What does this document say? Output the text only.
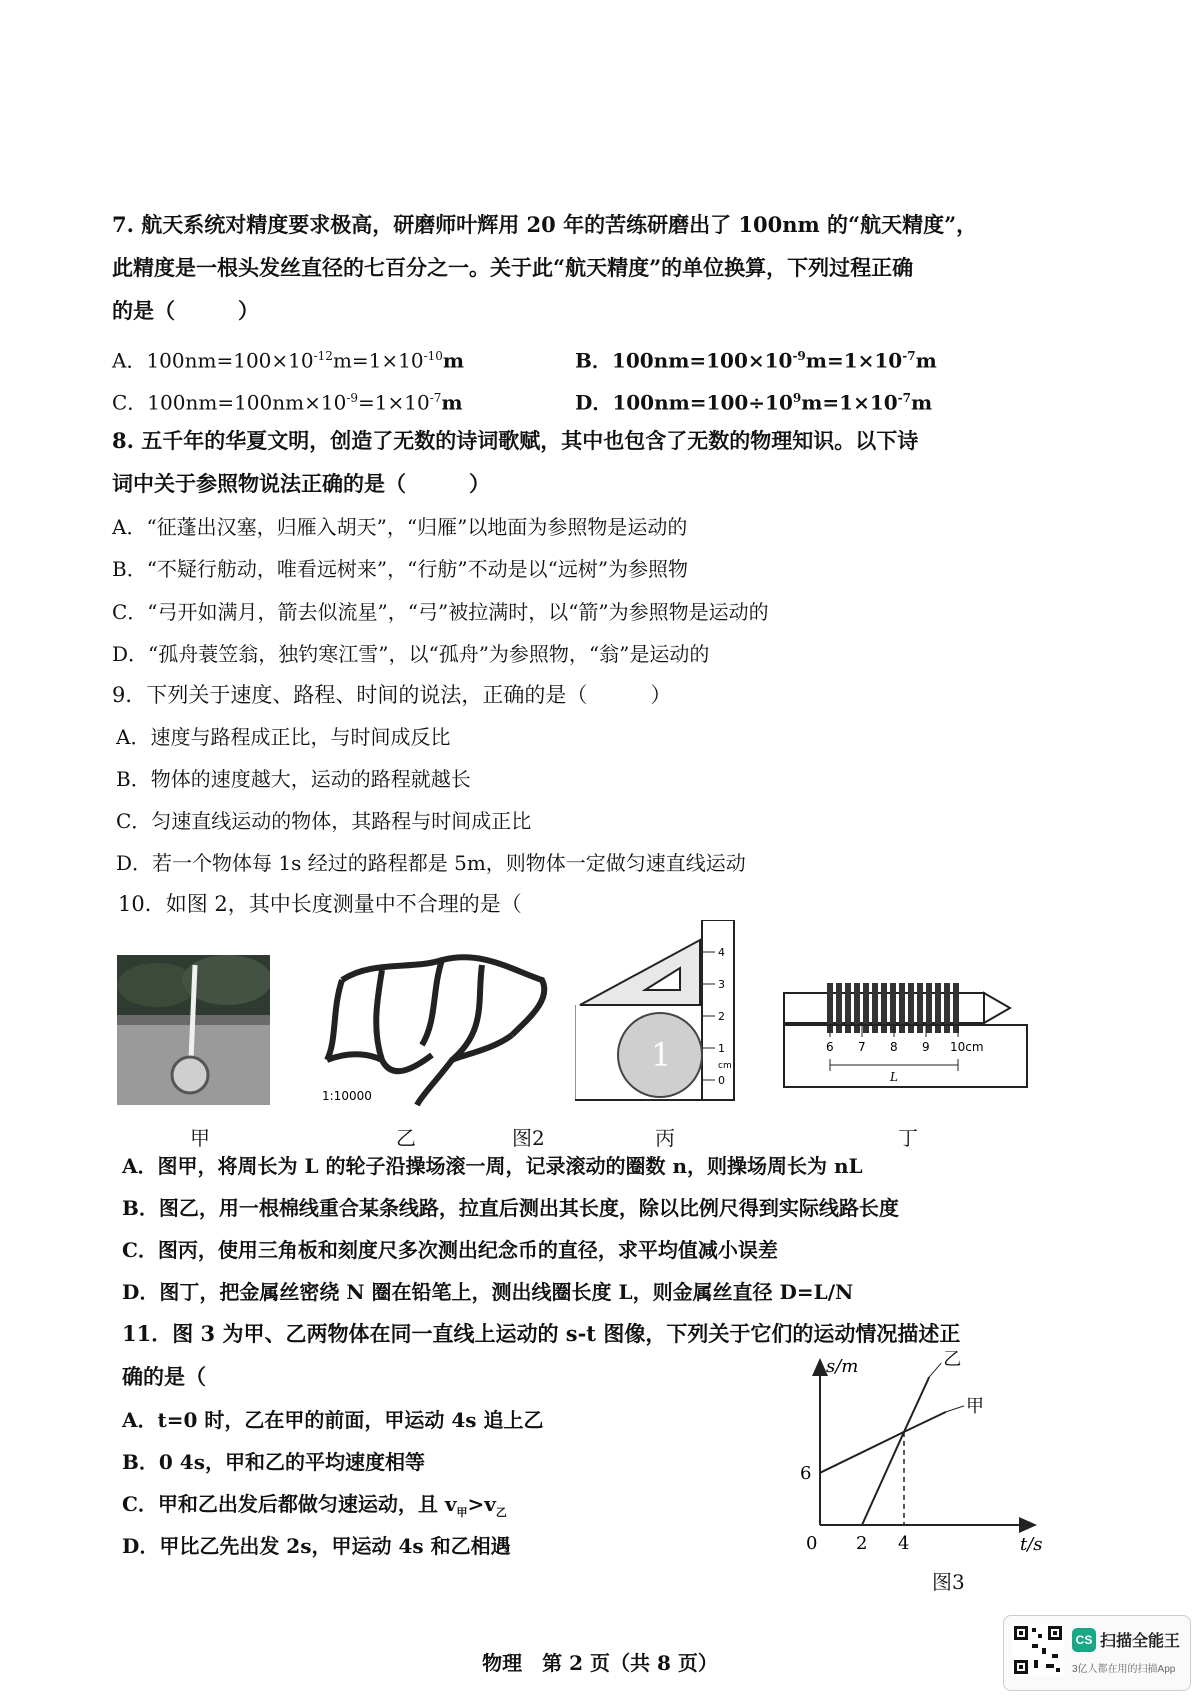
7. 航天系统对精度要求极高，研磨师叶辉用 20 年的苦练研磨出了 100nm 的“航天精度”，
此精度是一根头发丝直径的七百分之一。关于此“航天精度”的单位换算，下列过程正确
的是（　　　）
A．$100nm=100\times 10^{-12}m=1\times 10^{-10}m$	B．$100nm=100\times 10^{-9}m=1\times 10^{-7}m$
C．$100nm=100nm\times 10^{-9}=1\times 10^{-7}m$	D．$100nm=100\div 10^9m=1\times 10^{-7}m$
8. 五千年的华夏文明，创造了无数的诗词歌赋，其中也包含了无数的物理知识。以下诗
词中关于参照物说法正确的是（　　　）
A．“征蓬出汉塞，归雁入胡天”，“归雁”以地面为参照物是运动的
B．“不疑行舫动，唯看远树来”，“行舫”不动是以“远树”为参照物
C．“弓开如满月，箭去似流星”，“弓”被拉满时，以“箭”为参照物是运动的
D．“孤舟蓑笠翁，独钓寒江雪”，以“孤舟”为参照物，“翁”是运动的
9．下列关于速度、路程、时间的说法，正确的是（　　　）
A．速度与路程成正比，与时间成反比
B．物体的速度越大，运动的路程就越长
C．匀速直线运动的物体，其路程与时间成正比
D．若一个物体每 1s 经过的路程都是 5m，则物体一定做匀速直线运动
10．如图 2，其中长度测量中不合理的是（
1:10000
0
cm
1
2
3
4
1	6 7 8 9 10cm
L
甲	乙	图2	丙	丁
A．图甲，将周长为 L 的轮子沿操场滚一周，记录滚动的圈数 n，则操场周长为 nL
B．图乙，用一根棉线重合某条线路，拉直后测出其长度，除以比例尺得到实际线路长度
C．图丙，使用三角板和刻度尺多次测出纪念币的直径，求平均值减小误差
D．图丁，把金属丝密绕 N 圈在铅笔上，测出线圈长度 L，则金属丝直径 D=L/N
11．图 3 为甲、乙两物体在同一直线上运动的 s-t 图像，下列关于它们的运动情况描述正
确的是（
A．t=0 时，乙在甲的前面，甲运动 4s 追上乙
B．0 4s，甲和乙的平均速度相等
C．甲和乙出发后都做匀速运动，且 $v_甲>v_乙$
D．甲比乙先出发 2s，甲运动 4s 和乙相遇
s/m
t/s
0 2 4
6
甲
乙
图3
物理　第 2 页（共 8 页）
CS 扫描全能王
3亿人都在用的扫描App
